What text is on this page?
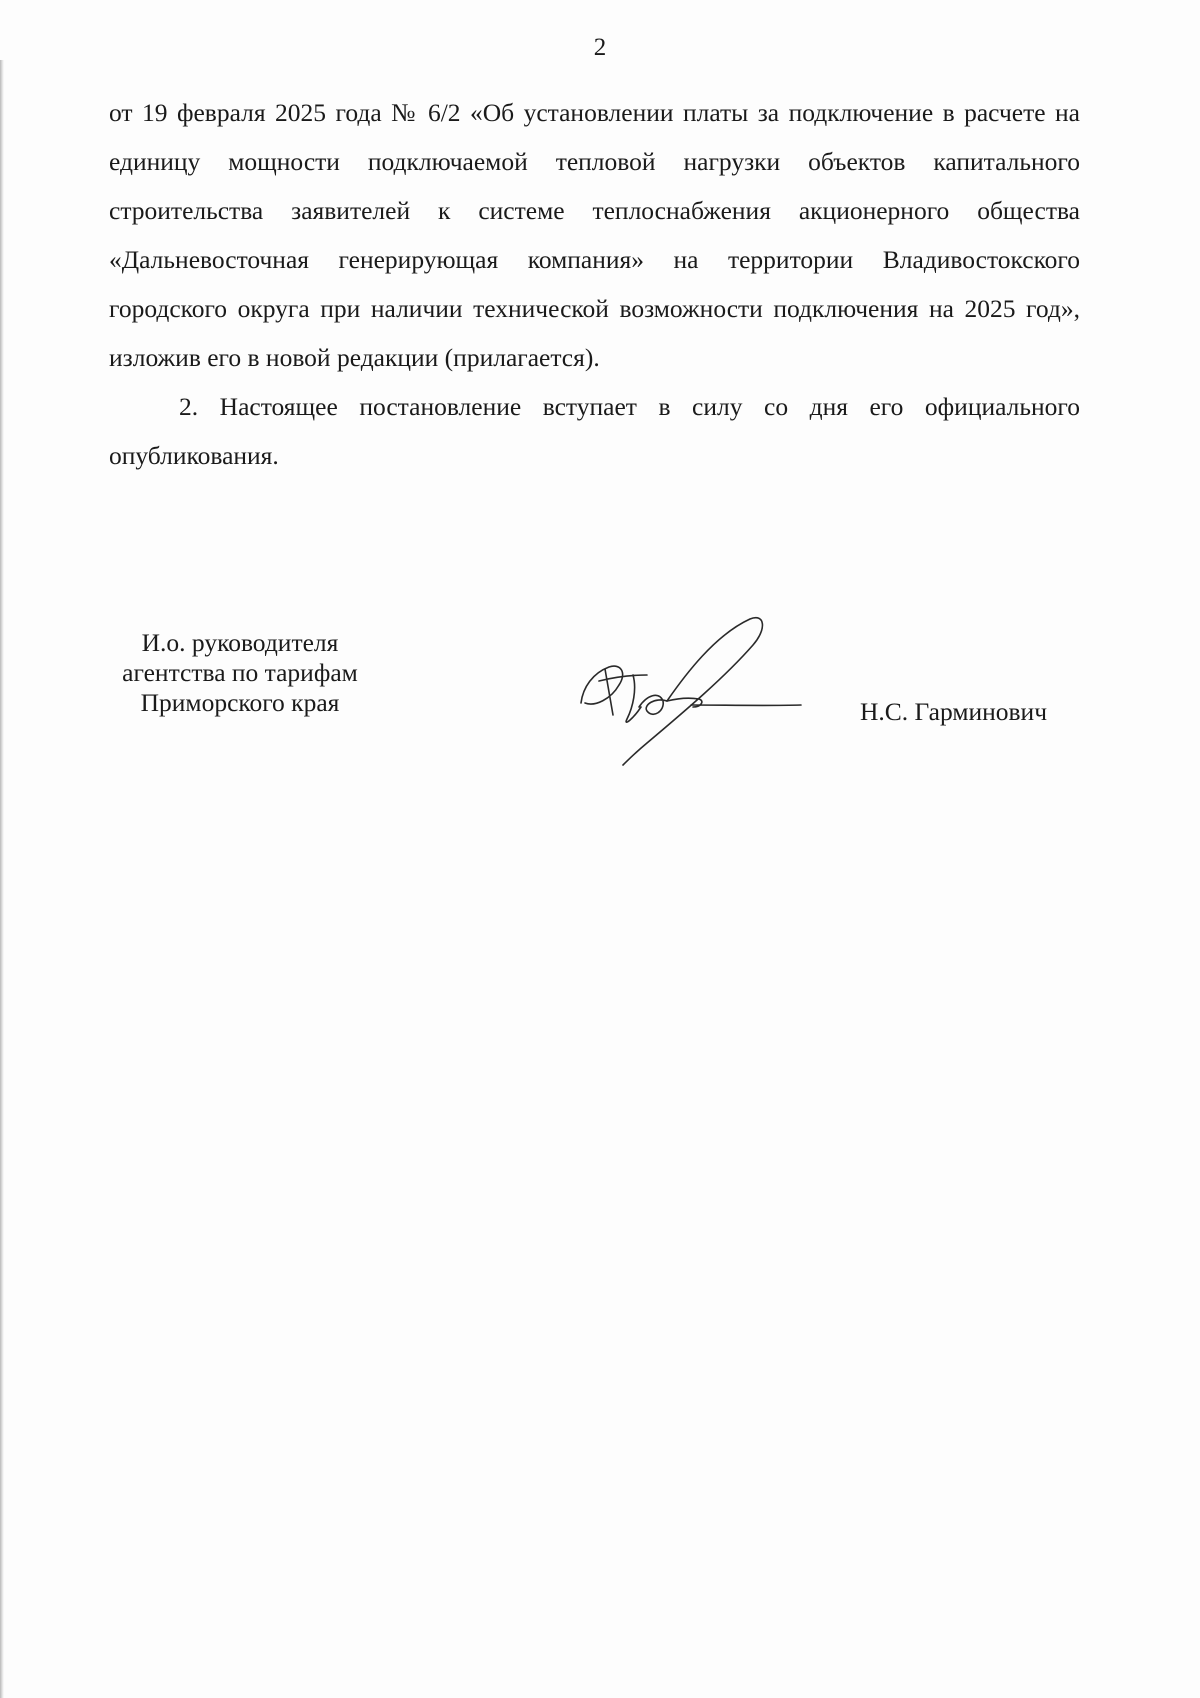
2

от 19 февраля 2025 года № 6/2 «Об установлении платы за подключение в расчете на единицу мощности подключаемой тепловой нагрузки объектов капитального строительства заявителей к системе теплоснабжения акционерного общества «Дальневосточная генерирующая компания» на территории Владивостокского городского округа при наличии технической возможности подключения на 2025 год», изложив его в новой редакции (прилагается).

2. Настоящее постановление вступает в силу со дня его официального опубликования.

И.о. руководителя
агентства по тарифам
Приморского края	Н.С. Гарминович
